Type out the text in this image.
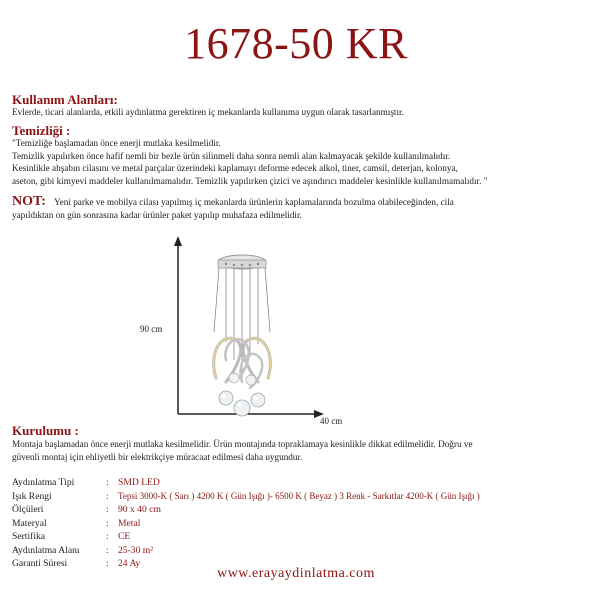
1678-50 KR
Kullanım Alanları:
Evlerde, ticari alanlarda, etkili aydınlatma gerektiren iç mekanlarda kullanıma uygun olarak tasarlanmıştır.
Temizliği :
"Temizliğe başlamadan önce enerji mutlaka kesilmelidir.
Temizlik yapılırken önce hafif nemli bir bezle ürün silinmeli daha sonra nemli alan kalmayacak şekilde kullanılmalıdır.
Kesinlikle ahşabın cilasını ve metal parçalar üzerindeki kaplamayı deforme edecek alkol, tiner, camsil, deterjan, kolonya,
aseton, gibi kimyevi maddeler kullanılmamalıdır. Temizlik yapılırken çizici ve aşındırıcı maddeler kesinlikle kullanılmamalıdır. "
NOT: Yeni parke ve mobilya cilası yapılmış iç mekanlarda ürünlerin kaplamalarında bozulma olabileceğinden, cila
yapıldıktan on gün sonrasına kadar ürünler paket yapılıp muhafaza edilmelidir.
90 cm
40 cm
Kurulumu :
Montaja başlamadan önce enerji mutlaka kesilmelidir. Ürün montajında topraklamaya kesinlikle dikkat edilmelidir. Doğru ve
güvenli montaj için ehliyetli bir elektrikçiye müracaat edilmesi daha uygundur.
Aydınlatma Tipi	: SMD LED
Işık Rengi	: Tepsi 3000-K ( Sarı ) 4200 K ( Gün Işığı )- 6500 K ( Beyaz ) 3 Renk - Sarkıtlar 4200-K ( Gün Işığı )
Ölçüleri	: 90 x 40 cm
Materyal	: Metal
Sertifika	: CE
Aydınlatma Alanı	: 25-30 m²
Garanti Süresi	: 24 Ay
www.erayaydinlatma.com
